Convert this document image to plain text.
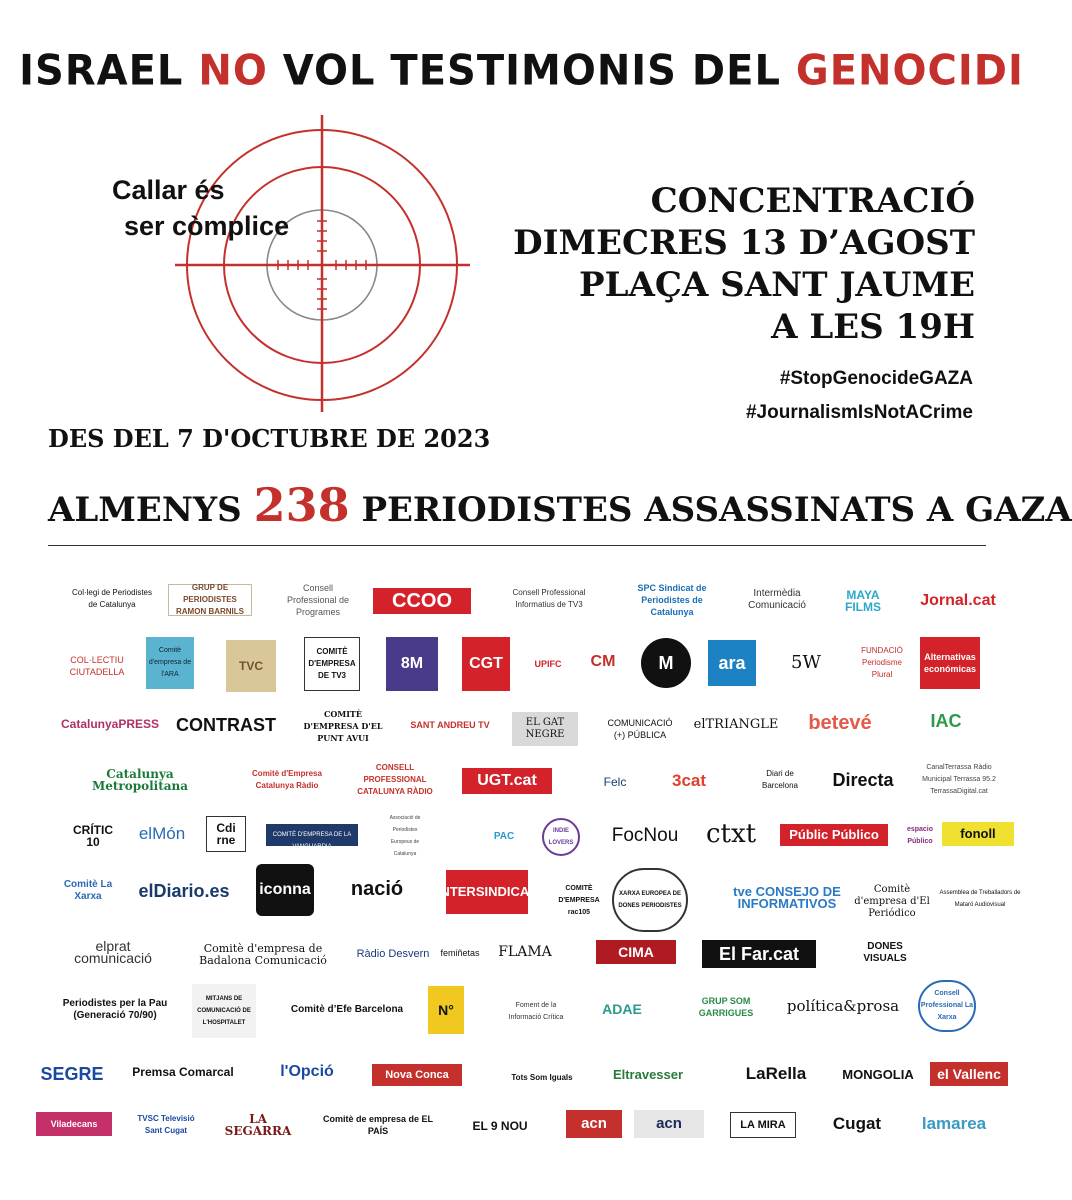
ISRAEL NO VOL TESTIMONIS DEL GENOCIDI
Callar és
ser còmplice
CONCENTRACIÓ
DIMECRES 13 D’AGOST
PLAÇA SANT JAUME
A LES 19H
#StopGenocideGAZA
#JournalismIsNotACrime
DES DEL 7 D'OCTUBRE DE 2023
ALMENYS 238 PERIODISTES ASSASSINATS A GAZA
Col·legi de Periodistes de Catalunya
GRUP DE PERIODISTES RAMON BARNILS
Consell Professional de Programes	CCOO	Consell Professional Informatius de TV3
SPC Sindicat de Periodistes de Catalunya
Intermèdia Comunicació
MAYA FILMS	Jornal.cat
COL·LECTIU CIUTADELLA
Comitè d'empresa de l'ARA
TVC
COMITÈ D'EMPRESA DE TV3
8M	CGT	UPIFC CM M ara	5W
FUNDACIÓ Periodisme Plural
Alternativas económicas
CatalunyaPRESS CONTRAST
COMITÈ D'EMPRESA D'EL PUNT AVUI
SANT ANDREU TV	EL GAT NEGRE
COMUNICACIÓ (+) PÚBLICA
elTRIANGLE betevé	IAC
Catalunya Metropolitana
Comitè d'Empresa Catalunya Ràdio
CONSELL PROFESSIONAL CATALUNYA RÀDIO
UGT.cat	Felc	3cat	Diari de Barcelona	Directa
CanalTerrassa Ràdio Municipal Terrassa 95.2 TerrassaDigital.cat
CRÍTIC 10	elMón	Cdi rne
CONSELL PROFESSIONAL I COMITÈ D'EMPRESA DE LA VANGUARDIA
Associació de Periodistes Europeus de Catalunya
PAC	INDIE LOVERS FocNou ctxt	Públic Público	espacio Público
fonoll
Comitè La Xarxa	elDiario.es iconna nació	INTERSINDICAL	COMITÈ D'EMPRESA rac105
XARXA EUROPEA DE DONES PERIODISTES
tve CONSEJO DE INFORMATIVOS
Comitè d'empresa d'El Periódico
Assemblea de Treballadors de Mataró Audiovisual
elprat comunicació
Comitè d'empresa de Badalona Comunicació	Ràdio Desvern femiñetas FLAMA	CIMA	El Far.cat	DONES VISUALS
Periodistes per la Pau (Generació 70/90)
MITJANS DE COMUNICACIÓ DE L'HOSPITALET
Comitè d’Efe Barcelona	N°	Foment de la Informació Crítica
ADAE	GRUP SOM GARRIGUES	política&prosa
Consell Professional La Xarxa
SEGRE Premsa Comarcal	l'Opció	Nova Conca	Tots Som Iguals	Eltravesser	LaRella	MONGOLIA el Vallenc
Viladecans
TVSC Televisió Sant Cugat
LA SEGARRA
Comitè de empresa de EL PAÍS	EL 9 NOU	acn	acn	LA MIRA	Cugat lamarea
